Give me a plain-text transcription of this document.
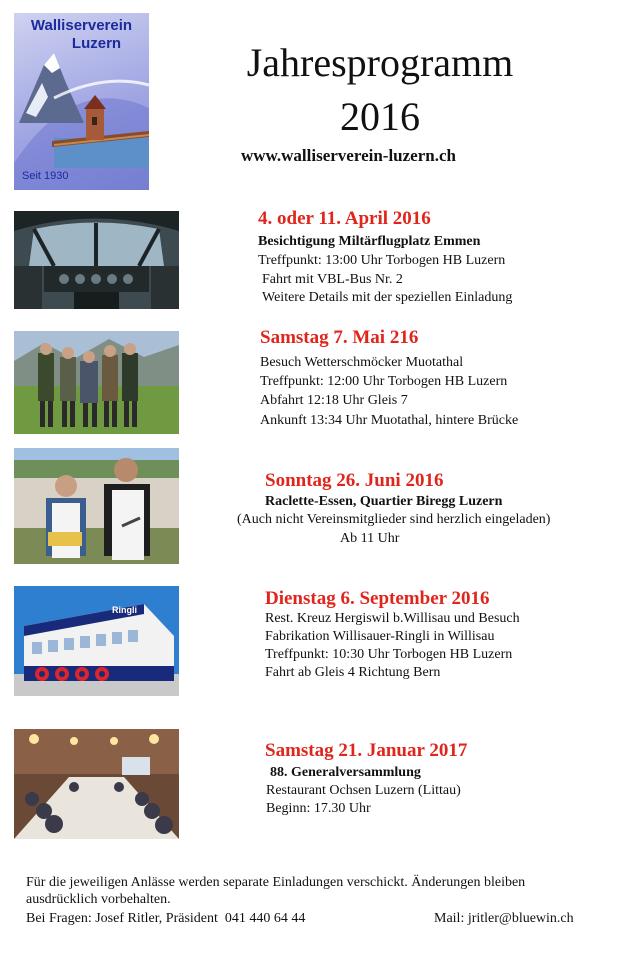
Walliserverein
Luzern
Seit 1930
Jahresprogramm
2016
www.walliserverein-luzern.ch
Ringli
4. oder 11. April 2016
Besichtigung Miltärflugplatz Emmen
Treffpunkt: 13:00 Uhr Torbogen HB Luzern
Fahrt mit VBL-Bus Nr. 2
Weitere Details mit der speziellen Einladung
Samstag 7. Mai 216
Besuch Wetterschmöcker Muotathal
Treffpunkt: 12:00 Uhr Torbogen HB Luzern
Abfahrt 12:18 Uhr Gleis 7
Ankunft 13:34 Uhr Muotathal, hintere Brücke
Sonntag 26. Juni 2016
Raclette-Essen, Quartier Biregg Luzern
(Auch nicht Vereinsmitglieder sind herzlich eingeladen)
Ab 11 Uhr
Dienstag 6. September 2016
Rest. Kreuz Hergiswil b.Willisau und Besuch
Fabrikation Willisauer-Ringli in Willisau
Treffpunkt: 10:30 Uhr Torbogen HB Luzern
Fahrt ab Gleis 4 Richtung Bern
Samstag 21. Januar 2017
88. Generalversammlung
Restaurant Ochsen Luzern (Littau)
Beginn: 17.30 Uhr
Für die jeweiligen Anlässe werden separate Einladungen verschickt. Änderungen bleiben
ausdrücklich vorbehalten.
Bei Fragen: Josef Ritler, Präsident  041 440 64 44	Mail: jritler@bluewin.ch
